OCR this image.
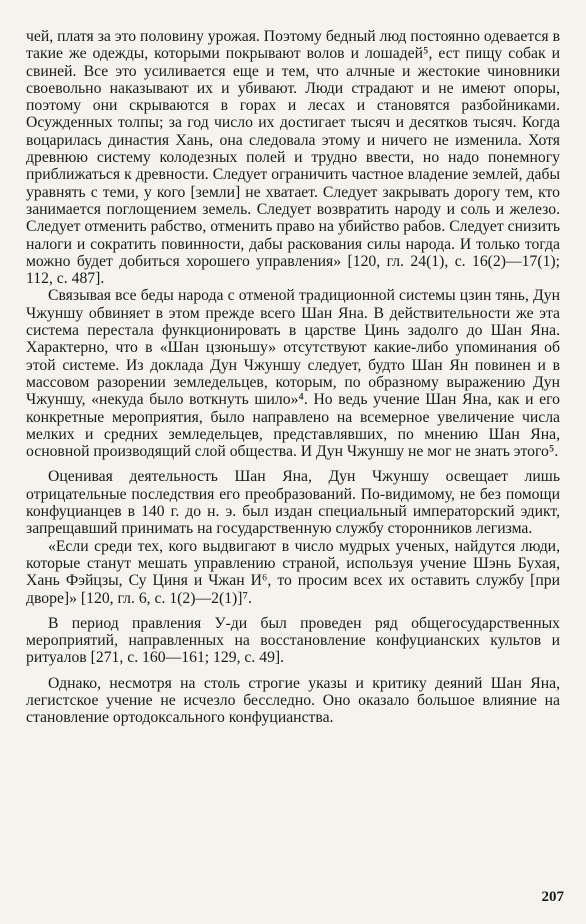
чей, платя за это половину урожая. Поэтому бедный люд постоянно одевается в такие же одежды, которыми покрывают волов и лошадей⁵, ест пищу собак и свиней. Все это усиливается еще и тем, что алчные и жестокие чиновники своевольно наказывают их и убивают. Люди страдают и не имеют опоры, поэтому они скрываются в горах и лесах и становятся разбойниками. Осужденных толпы; за год число их достигает тысяч и десятков тысяч. Когда воцарилась династия Хань, она следовала этому и ничего не изменила. Хотя древнюю систему колодезных полей и трудно ввести, но надо понемногу приближаться к древности. Следует ограничить частное владение землей, дабы уравнять с теми, у кого [земли] не хватает. Следует закрывать дорогу тем, кто занимается поглощением земель. Следует возвратить народу и соль и железо. Следует отменить рабство, отменить право на убийство рабов. Следует снизить налоги и сократить повинности, дабы раскования силы народа. И только тогда можно будет добиться хорошего управления» [120, гл. 24(1), с. 16(2)—17(1); 112, с. 487].

Связывая все беды народа с отменой традиционной системы цзин тянь, Дун Чжуншу обвиняет в этом прежде всего Шан Яна. В действительности же эта система перестала функционировать в царстве Цинь задолго до Шан Яна. Характерно, что в «Шан цзюньшу» отсутствуют какие-либо упоминания об этой системе. Из доклада Дун Чжуншу следует, будто Шан Ян повинен и в массовом разорении земледельцев, которым, по образному выражению Дун Чжуншу, «некуда было воткнуть шило»⁴. Но ведь учение Шан Яна, как и его конкретные мероприятия, было направлено на всемерное увеличение числа мелких и средних земледельцев, представлявших, по мнению Шан Яна, основной производящий слой общества. И Дун Чжуншу не мог не знать этого⁵.

Оценивая деятельность Шан Яна, Дун Чжуншу освещает лишь отрицательные последствия его преобразований. По-видимому, не без помощи конфуцианцев в 140 г. до н. э. был издан специальный императорский эдикт, запрещавший принимать на государственную службу сторонников легизма.

«Если среди тех, кого выдвигают в число мудрых ученых, найдутся люди, которые станут мешать управлению страной, используя учение Шэнь Бухая, Хань Фэйцзы, Су Циня и Чжан И⁶, то просим всех их оставить службу [при дворе]» [120, гл. 6, с. 1(2)—2(1)]⁷.

В период правления У-ди был проведен ряд общегосударственных мероприятий, направленных на восстановление конфуцианских культов и ритуалов [271, с. 160—161; 129, с. 49].

Однако, несмотря на столь строгие указы и критику деяний Шан Яна, легистское учение не исчезло бесследно. Оно оказало большое влияние на становление ортодоксального конфуцианства.

207
